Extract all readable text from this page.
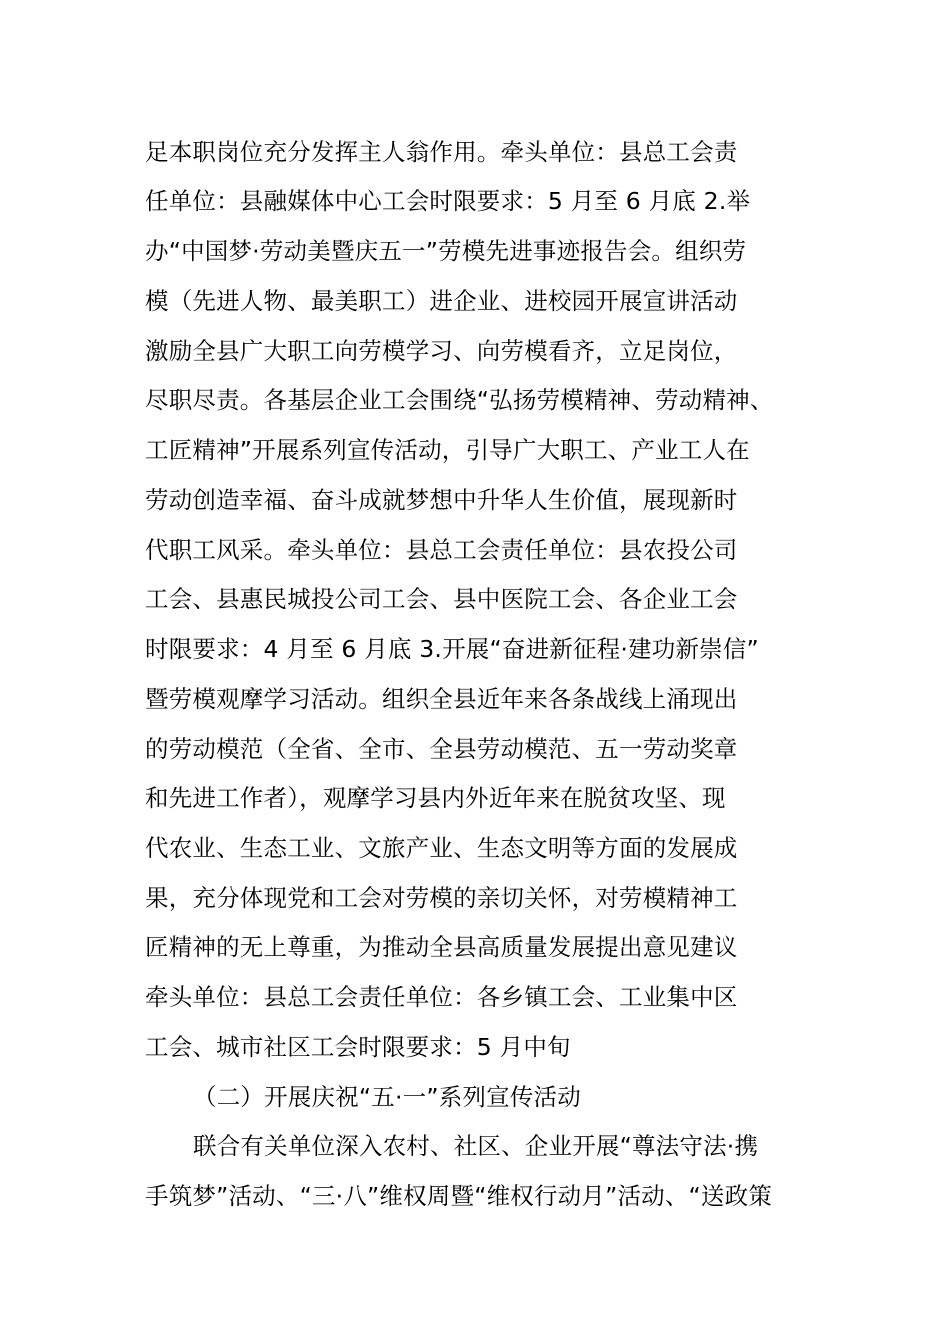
足本职岗位充分发挥主人翁作用。牵头单位：县总工会责
任单位：县融媒体中心工会时限要求：5 月至 6 月底 2.举
办“中国梦·劳动美暨庆五一”劳模先进事迹报告会。组织劳
模（先进人物、最美职工）进企业、进校园开展宣讲活动
激励全县广大职工向劳模学习、向劳模看齐，立足岗位，
尽职尽责。各基层企业工会围绕“弘扬劳模精神、劳动精神、
工匠精神”开展系列宣传活动，引导广大职工、产业工人在
劳动创造幸福、奋斗成就梦想中升华人生价值，展现新时
代职工风采。牵头单位：县总工会责任单位：县农投公司
工会、县惠民城投公司工会、县中医院工会、各企业工会
时限要求：4 月至 6 月底 3.开展“奋进新征程·建功新崇信”
暨劳模观摩学习活动。组织全县近年来各条战线上涌现出
的劳动模范（全省、全市、全县劳动模范、五一劳动奖章
和先进工作者），观摩学习县内外近年来在脱贫攻坚、现
代农业、生态工业、文旅产业、生态文明等方面的发展成
果，充分体现党和工会对劳模的亲切关怀，对劳模精神工
匠精神的无上尊重，为推动全县高质量发展提出意见建议
牵头单位：县总工会责任单位：各乡镇工会、工业集中区
工会、城市社区工会时限要求：5 月中旬
（二）开展庆祝“五·一”系列宣传活动
联合有关单位深入农村、社区、企业开展“尊法守法·携
手筑梦”活动、“三·八”维权周暨“维权行动月”活动、“送政策
